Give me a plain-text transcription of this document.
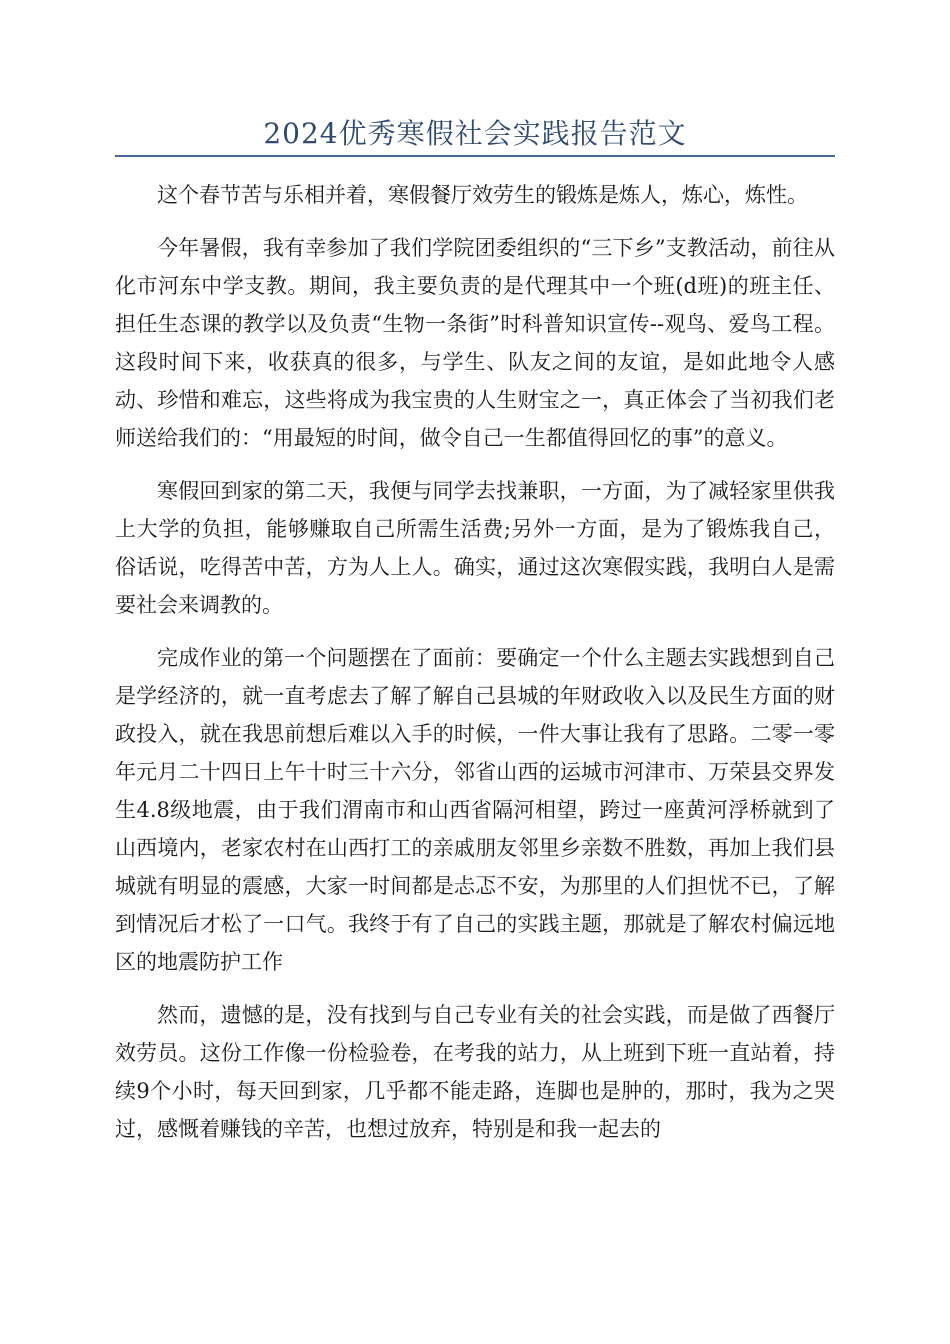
2024优秀寒假社会实践报告范文

这个春节苦与乐相并着，寒假餐厅效劳生的锻炼是炼人，炼心，炼性。

今年暑假，我有幸参加了我们学院团委组织的“三下乡”支教活动，前往从化市河东中学支教。期间，我主要负责的是代理其中一个班(d班)的班主任、担任生态课的教学以及负责“生物一条街”时科普知识宣传--观鸟、爱鸟工程。这段时间下来，收获真的很多，与学生、队友之间的友谊，是如此地令人感动、珍惜和难忘，这些将成为我宝贵的人生财宝之一，真正体会了当初我们老师送给我们的：“用最短的时间，做令自己一生都值得回忆的事”的意义。

寒假回到家的第二天，我便与同学去找兼职，一方面，为了减轻家里供我上大学的负担，能够赚取自己所需生活费;另外一方面，是为了锻炼我自己，俗话说，吃得苦中苦，方为人上人。确实，通过这次寒假实践，我明白人是需要社会来调教的。

完成作业的第一个问题摆在了面前：要确定一个什么主题去实践想到自己是学经济的，就一直考虑去了解了解自己县城的年财政收入以及民生方面的财政投入，就在我思前想后难以入手的时候，一件大事让我有了思路。二零一零年元月二十四日上午十时三十六分，邻省山西的运城市河津市、万荣县交界发生4.8级地震，由于我们渭南市和山西省隔河相望，跨过一座黄河浮桥就到了山西境内，老家农村在山西打工的亲戚朋友邻里乡亲数不胜数，再加上我们县城就有明显的震感，大家一时间都是忐忑不安，为那里的人们担忧不已，了解到情况后才松了一口气。我终于有了自己的实践主题，那就是了解农村偏远地区的地震防护工作

然而，遗憾的是，没有找到与自己专业有关的社会实践，而是做了西餐厅效劳员。这份工作像一份检验卷，在考我的站力，从上班到下班一直站着，持续9个小时，每天回到家，几乎都不能走路，连脚也是肿的，那时，我为之哭过，感慨着赚钱的辛苦，也想过放弃，特别是和我一起去的
